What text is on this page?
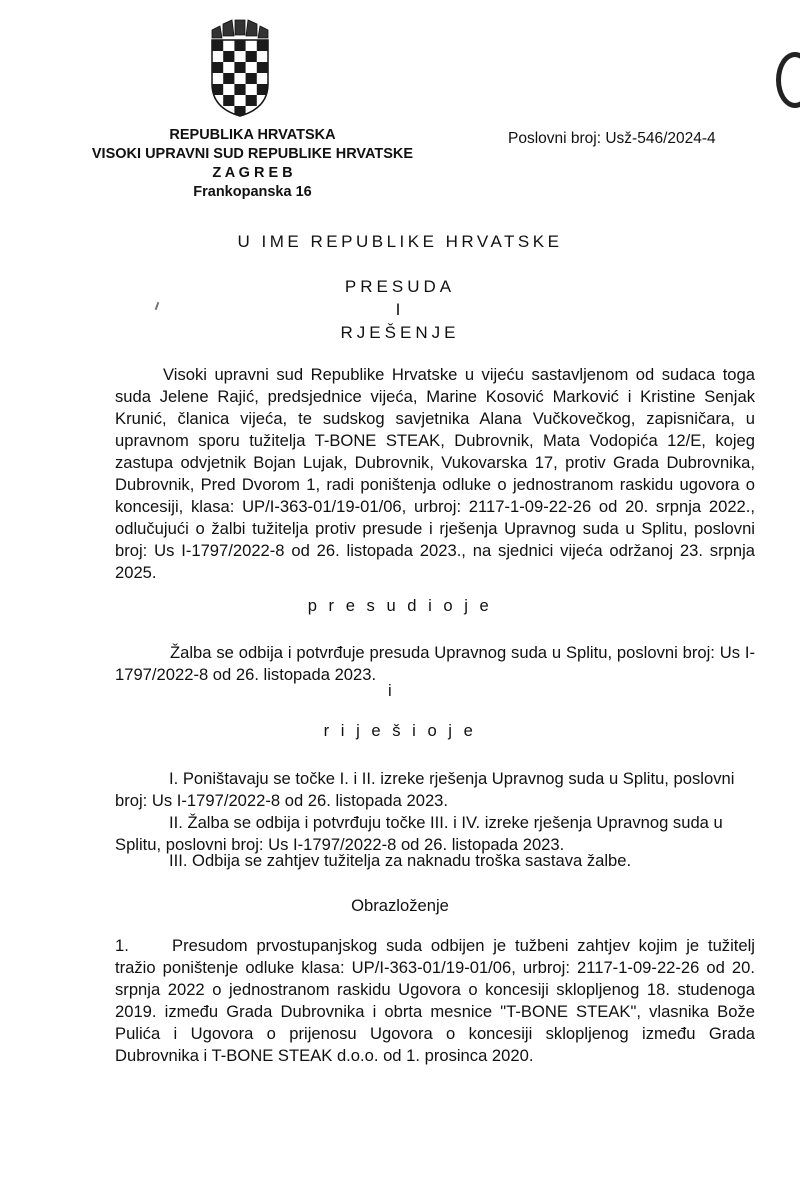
REPUBLIKA HRVATSKA
VISOKI UPRAVNI SUD REPUBLIKE HRVATSKE
Z A G R E B
Frankopanska 16
Poslovni broj: Usž-546/2024-4
U IME REPUBLIKE HRVATSKE
PRESUDA
I
RJEŠENJE
Visoki upravni sud Republike Hrvatske u vijeću sastavljenom od sudaca toga suda Jelene Rajić, predsjednice vijeća, Marine Kosović Marković i Kristine Senjak Krunić, članica vijeća, te sudskog savjetnika Alana Vučkovečkog, zapisničara, u upravnom sporu tužitelja T-BONE STEAK, Dubrovnik, Mata Vodopića 12/E, kojeg zastupa odvjetnik Bojan Lujak, Dubrovnik, Vukovarska 17, protiv Grada Dubrovnika, Dubrovnik, Pred Dvorom 1, radi poništenja odluke o jednostranom raskidu ugovora o koncesiji, klasa: UP/I-363-01/19-01/06, urbroj: 2117-1-09-22-26 od 20. srpnja 2022., odlučujući o žalbi tužitelja protiv presude i rješenja Upravnog suda u Splitu, poslovni broj: Us I-1797/2022-8 od 26. listopada 2023., na sjednici vijeća održanoj 23. srpnja 2025.
p r e s u d i o j e
Žalba se odbija i potvrđuje presuda Upravnog suda u Splitu, poslovni broj: Us I-1797/2022-8 od 26. listopada 2023.
i
r i j e š i o j e
I. Poništavaju se točke I. i II. izreke rješenja Upravnog suda u Splitu, poslovni broj: Us I-1797/2022-8 od 26. listopada 2023.
II. Žalba se odbija i potvrđuju točke III. i IV. izreke rješenja Upravnog suda u Splitu, poslovni broj: Us I-1797/2022-8 od 26. listopada 2023.
III. Odbija se zahtjev tužitelja za naknadu troška sastava žalbe.
Obrazloženje
1.	Presudom prvostupanjskog suda odbijen je tužbeni zahtjev kojim je tužitelj tražio poništenje odluke klasa: UP/I-363-01/19-01/06, urbroj: 2117-1-09-22-26 od 20. srpnja 2022 o jednostranom raskidu Ugovora o koncesiji sklopljenog 18. studenoga 2019. između Grada Dubrovnika i obrta mesnice "T-BONE STEAK", vlasnika Bože Pulića i Ugovora o prijenosu Ugovora o koncesiji sklopljenog između Grada Dubrovnika i T-BONE STEAK d.o.o. od 1. prosinca 2020.
